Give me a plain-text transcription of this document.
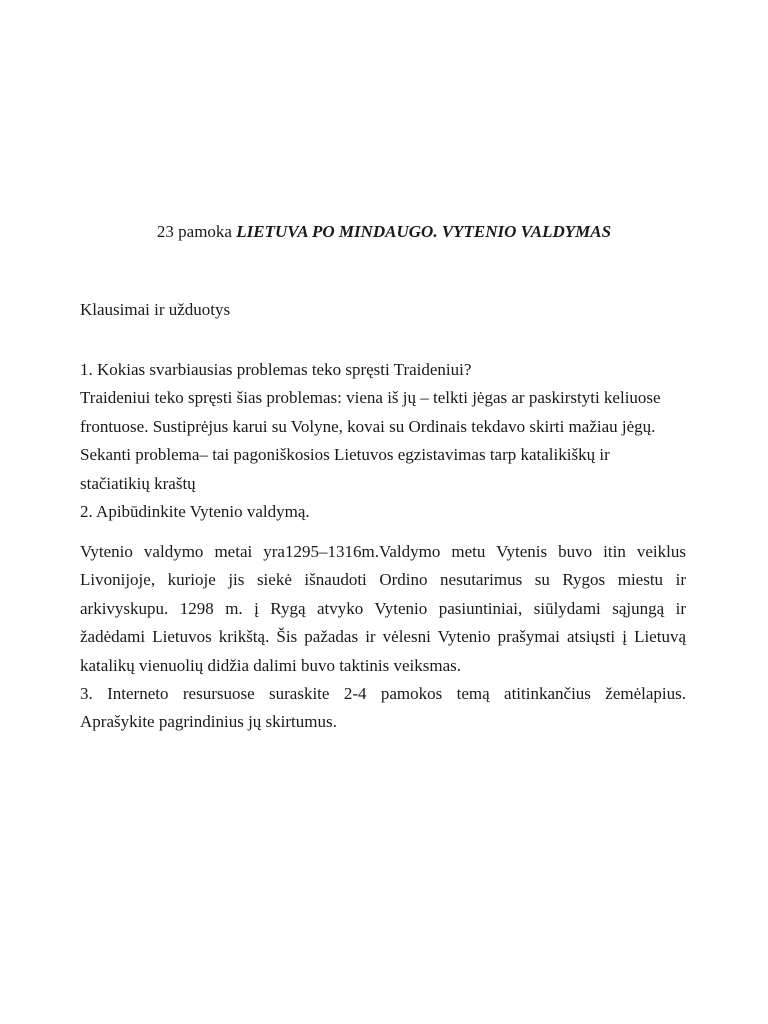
23 pamoka LIETUVA PO MINDAUGO. VYTENIO VALDYMAS
Klausimai ir užduotys
1. Kokias svarbiausias problemas teko spręsti Traideniui?
Traideniui teko spręsti šias problemas: viena iš jų – telkti jėgas ar paskirstyti keliuose
frontuose. Sustiprėjus karui su Volyne, kovai su Ordinais tekdavo skirti mažiau jėgų.
Sekanti problema– tai pagoniškosios Lietuvos egzistavimas tarp katalikiškų ir
stačiatikių kraštų
2. Apibūdinkite Vytenio valdymą.
Vytenio valdymo metai yra1295–1316m.Valdymo metu Vytenis buvo itin veiklus
Livonijoje, kurioje jis siekė išnaudoti Ordino nesutarimus su Rygos miestu ir
arkivyskupu. 1298 m. į Rygą atvyko Vytenio pasiuntiniai, siūlydami sąjungą ir
žadėdami Lietuvos krikštą. Šis pažadas ir vėlesni Vytenio prašymai atsiųsti į Lietuvą
katalikų vienuolių didžia dalimi buvo taktinis veiksmas.
3. Interneto resursuose suraskite 2-4 pamokos temą atitinkančius žemėlapius.
Aprašykite pagrindinius jų skirtumus.
